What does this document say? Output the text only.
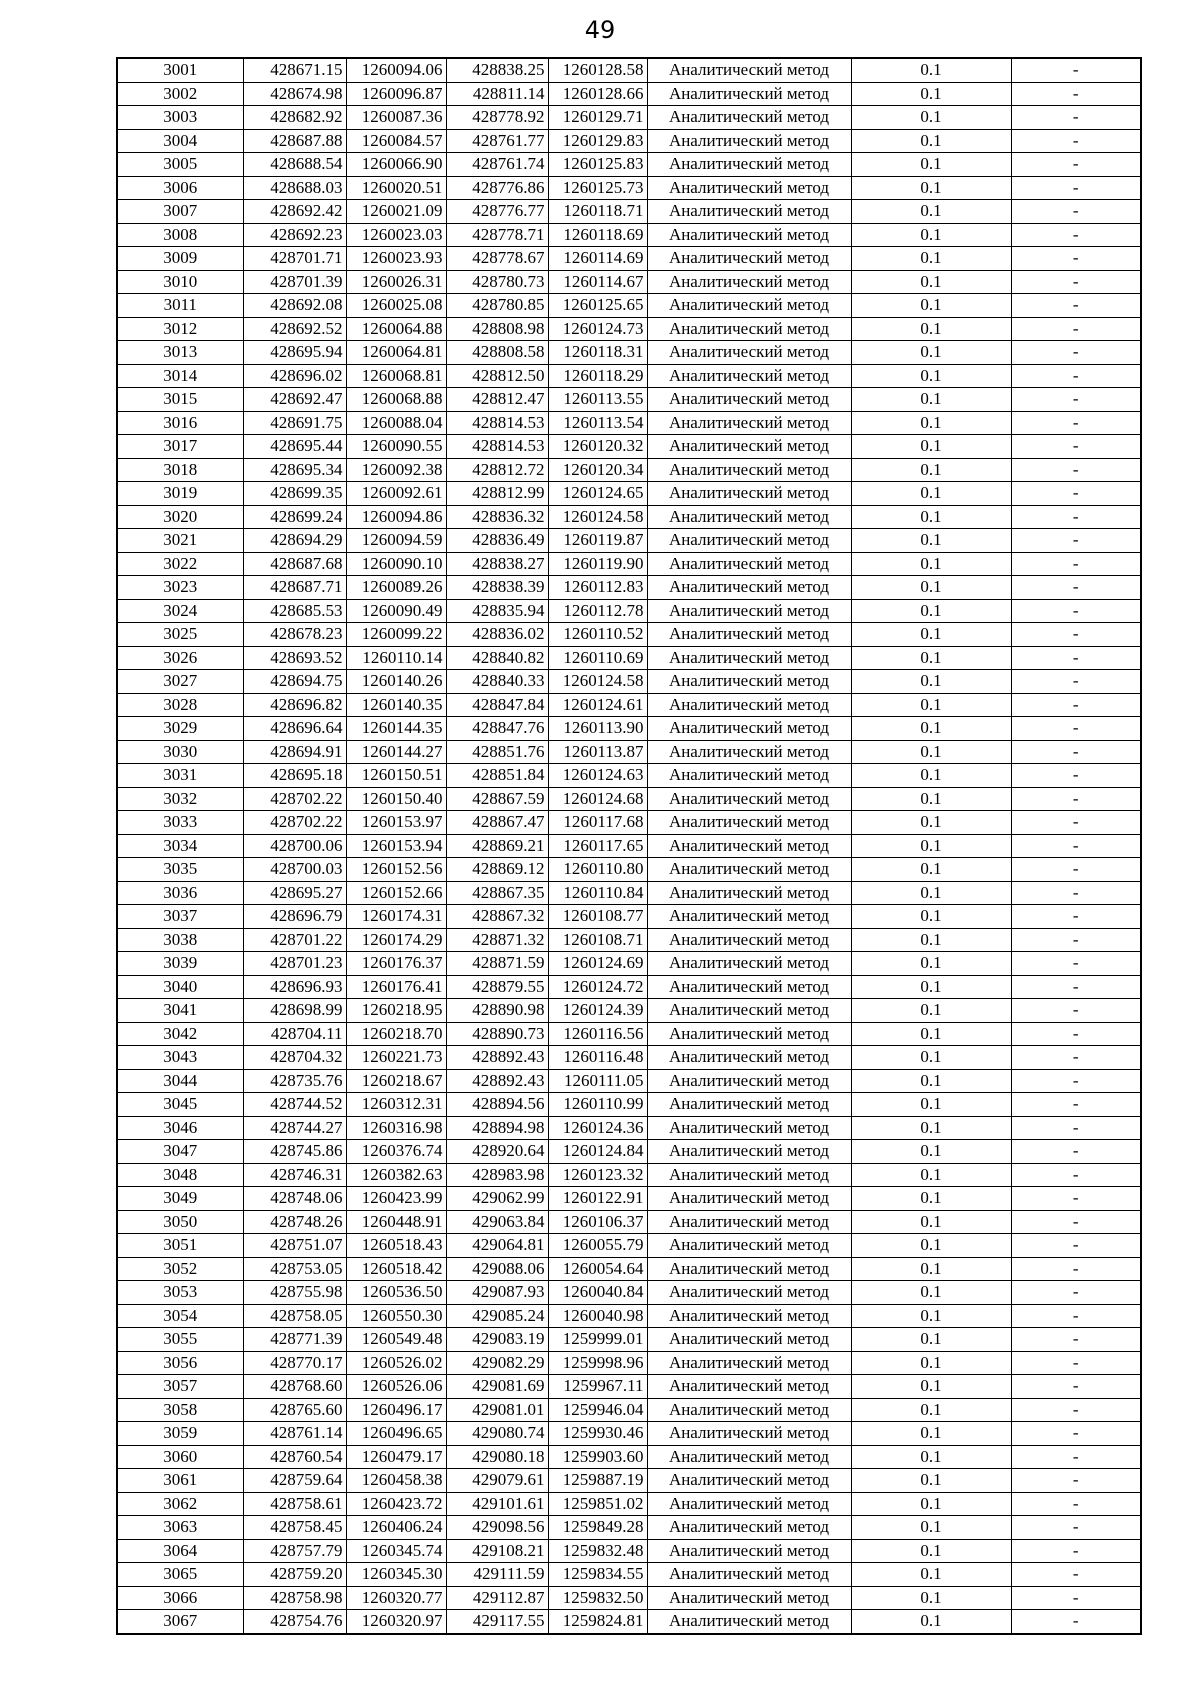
49
3001	428671.15	1260094.06	428838.25	1260128.58	Аналитический метод	0.1	-
3002	428674.98	1260096.87	428811.14	1260128.66	Аналитический метод	0.1	-
3003	428682.92	1260087.36	428778.92	1260129.71	Аналитический метод	0.1	-
3004	428687.88	1260084.57	428761.77	1260129.83	Аналитический метод	0.1	-
3005	428688.54	1260066.90	428761.74	1260125.83	Аналитический метод	0.1	-
3006	428688.03	1260020.51	428776.86	1260125.73	Аналитический метод	0.1	-
3007	428692.42	1260021.09	428776.77	1260118.71	Аналитический метод	0.1	-
3008	428692.23	1260023.03	428778.71	1260118.69	Аналитический метод	0.1	-
3009	428701.71	1260023.93	428778.67	1260114.69	Аналитический метод	0.1	-
3010	428701.39	1260026.31	428780.73	1260114.67	Аналитический метод	0.1	-
3011	428692.08	1260025.08	428780.85	1260125.65	Аналитический метод	0.1	-
3012	428692.52	1260064.88	428808.98	1260124.73	Аналитический метод	0.1	-
3013	428695.94	1260064.81	428808.58	1260118.31	Аналитический метод	0.1	-
3014	428696.02	1260068.81	428812.50	1260118.29	Аналитический метод	0.1	-
3015	428692.47	1260068.88	428812.47	1260113.55	Аналитический метод	0.1	-
3016	428691.75	1260088.04	428814.53	1260113.54	Аналитический метод	0.1	-
3017	428695.44	1260090.55	428814.53	1260120.32	Аналитический метод	0.1	-
3018	428695.34	1260092.38	428812.72	1260120.34	Аналитический метод	0.1	-
3019	428699.35	1260092.61	428812.99	1260124.65	Аналитический метод	0.1	-
3020	428699.24	1260094.86	428836.32	1260124.58	Аналитический метод	0.1	-
3021	428694.29	1260094.59	428836.49	1260119.87	Аналитический метод	0.1	-
3022	428687.68	1260090.10	428838.27	1260119.90	Аналитический метод	0.1	-
3023	428687.71	1260089.26	428838.39	1260112.83	Аналитический метод	0.1	-
3024	428685.53	1260090.49	428835.94	1260112.78	Аналитический метод	0.1	-
3025	428678.23	1260099.22	428836.02	1260110.52	Аналитический метод	0.1	-
3026	428693.52	1260110.14	428840.82	1260110.69	Аналитический метод	0.1	-
3027	428694.75	1260140.26	428840.33	1260124.58	Аналитический метод	0.1	-
3028	428696.82	1260140.35	428847.84	1260124.61	Аналитический метод	0.1	-
3029	428696.64	1260144.35	428847.76	1260113.90	Аналитический метод	0.1	-
3030	428694.91	1260144.27	428851.76	1260113.87	Аналитический метод	0.1	-
3031	428695.18	1260150.51	428851.84	1260124.63	Аналитический метод	0.1	-
3032	428702.22	1260150.40	428867.59	1260124.68	Аналитический метод	0.1	-
3033	428702.22	1260153.97	428867.47	1260117.68	Аналитический метод	0.1	-
3034	428700.06	1260153.94	428869.21	1260117.65	Аналитический метод	0.1	-
3035	428700.03	1260152.56	428869.12	1260110.80	Аналитический метод	0.1	-
3036	428695.27	1260152.66	428867.35	1260110.84	Аналитический метод	0.1	-
3037	428696.79	1260174.31	428867.32	1260108.77	Аналитический метод	0.1	-
3038	428701.22	1260174.29	428871.32	1260108.71	Аналитический метод	0.1	-
3039	428701.23	1260176.37	428871.59	1260124.69	Аналитический метод	0.1	-
3040	428696.93	1260176.41	428879.55	1260124.72	Аналитический метод	0.1	-
3041	428698.99	1260218.95	428890.98	1260124.39	Аналитический метод	0.1	-
3042	428704.11	1260218.70	428890.73	1260116.56	Аналитический метод	0.1	-
3043	428704.32	1260221.73	428892.43	1260116.48	Аналитический метод	0.1	-
3044	428735.76	1260218.67	428892.43	1260111.05	Аналитический метод	0.1	-
3045	428744.52	1260312.31	428894.56	1260110.99	Аналитический метод	0.1	-
3046	428744.27	1260316.98	428894.98	1260124.36	Аналитический метод	0.1	-
3047	428745.86	1260376.74	428920.64	1260124.84	Аналитический метод	0.1	-
3048	428746.31	1260382.63	428983.98	1260123.32	Аналитический метод	0.1	-
3049	428748.06	1260423.99	429062.99	1260122.91	Аналитический метод	0.1	-
3050	428748.26	1260448.91	429063.84	1260106.37	Аналитический метод	0.1	-
3051	428751.07	1260518.43	429064.81	1260055.79	Аналитический метод	0.1	-
3052	428753.05	1260518.42	429088.06	1260054.64	Аналитический метод	0.1	-
3053	428755.98	1260536.50	429087.93	1260040.84	Аналитический метод	0.1	-
3054	428758.05	1260550.30	429085.24	1260040.98	Аналитический метод	0.1	-
3055	428771.39	1260549.48	429083.19	1259999.01	Аналитический метод	0.1	-
3056	428770.17	1260526.02	429082.29	1259998.96	Аналитический метод	0.1	-
3057	428768.60	1260526.06	429081.69	1259967.11	Аналитический метод	0.1	-
3058	428765.60	1260496.17	429081.01	1259946.04	Аналитический метод	0.1	-
3059	428761.14	1260496.65	429080.74	1259930.46	Аналитический метод	0.1	-
3060	428760.54	1260479.17	429080.18	1259903.60	Аналитический метод	0.1	-
3061	428759.64	1260458.38	429079.61	1259887.19	Аналитический метод	0.1	-
3062	428758.61	1260423.72	429101.61	1259851.02	Аналитический метод	0.1	-
3063	428758.45	1260406.24	429098.56	1259849.28	Аналитический метод	0.1	-
3064	428757.79	1260345.74	429108.21	1259832.48	Аналитический метод	0.1	-
3065	428759.20	1260345.30	429111.59	1259834.55	Аналитический метод	0.1	-
3066	428758.98	1260320.77	429112.87	1259832.50	Аналитический метод	0.1	-
3067	428754.76	1260320.97	429117.55	1259824.81	Аналитический метод	0.1	-
